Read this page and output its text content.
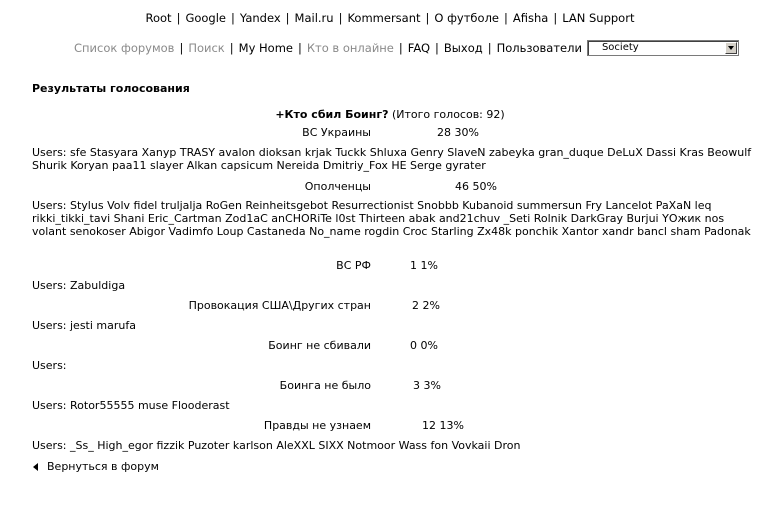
Root | Google | Yandex | Mail.ru | Kommersant | О футболе | Afisha | LAN Support
Список форумов | Поиск | My Home | Кто в онлайне | FAQ | Выход | Пользователи	Society
Результаты голосования
+Кто сбил Боинг? (Итого голосов: 92)
ВС Украины	28 30%
Users: sfe Stasyara Xanyp TRASY avalon dioksan krjak Tuckk Shluxa Genry SlaveN zabeyka gran_duque DeLuX Dassi Kras Beowulf Shurik Koryan paa11 slayer Alkan capsicum Nereida Dmitriy_Fox HE Serge gyrater
Ополченцы	46 50%
Users: Stylus Volv fidel truljalja RoGen Reinheitsgebot Resurrectionist Snobbb Kubanoid summersun Fry Lancelot PaXaN leq rikki_tikki_tavi Shani Eric_Cartman Zod1aC anCHORiTe l0st Thirteen abak and21chuv _Seti Rolnik DarkGray Burjui YОжик nos volant senokoser Abigor Vadimfo Loup Castaneda No_name rogdin Croc Starling Zx48k ponchik Xantor xandr bancl sham Padonak
ВС РФ	1 1%
Users: Zabuldiga
Провокация США\Других стран	2 2%
Users: jesti marufa
Боинг не сбивали	0 0%
Users:
Боинга не было	3 3%
Users: Rotor55555 muse Flooderast
Правды не узнаем	12 13%
Users: _Ss_ High_egor fizzik Puzoter karlson AleXXL SIXX Notmoor Wass fon Vovkaii Dron
Вернуться в форум
